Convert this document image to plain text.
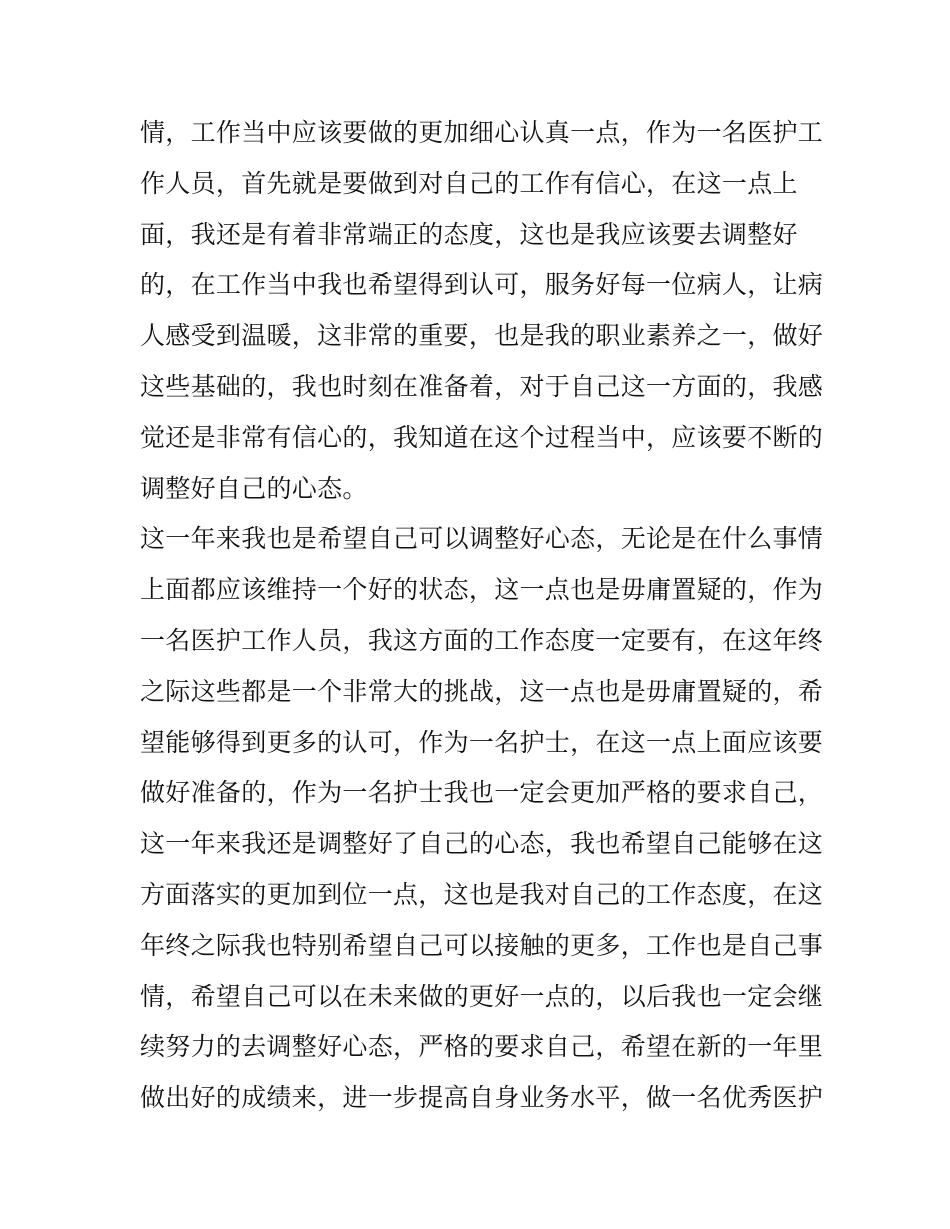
情，工作当中应该要做的更加细心认真一点，作为一名医护工
作人员，首先就是要做到对自己的工作有信心，在这一点上
面，我还是有着非常端正的态度，这也是我应该要去调整好
的，在工作当中我也希望得到认可，服务好每一位病人，让病
人感受到温暖，这非常的重要，也是我的职业素养之一，做好
这些基础的，我也时刻在准备着，对于自己这一方面的，我感
觉还是非常有信心的，我知道在这个过程当中，应该要不断的
调整好自己的心态。
这一年来我也是希望自己可以调整好心态，无论是在什么事情
上面都应该维持一个好的状态，这一点也是毋庸置疑的，作为
一名医护工作人员，我这方面的工作态度一定要有，在这年终
之际这些都是一个非常大的挑战，这一点也是毋庸置疑的，希
望能够得到更多的认可，作为一名护士，在这一点上面应该要
做好准备的，作为一名护士我也一定会更加严格的要求自己，
这一年来我还是调整好了自己的心态，我也希望自己能够在这
方面落实的更加到位一点，这也是我对自己的工作态度，在这
年终之际我也特别希望自己可以接触的更多，工作也是自己事
情，希望自己可以在未来做的更好一点的，以后我也一定会继
续努力的去调整好心态，严格的要求自己，希望在新的一年里
做出好的成绩来，进一步提高自身业务水平，做一名优秀医护
